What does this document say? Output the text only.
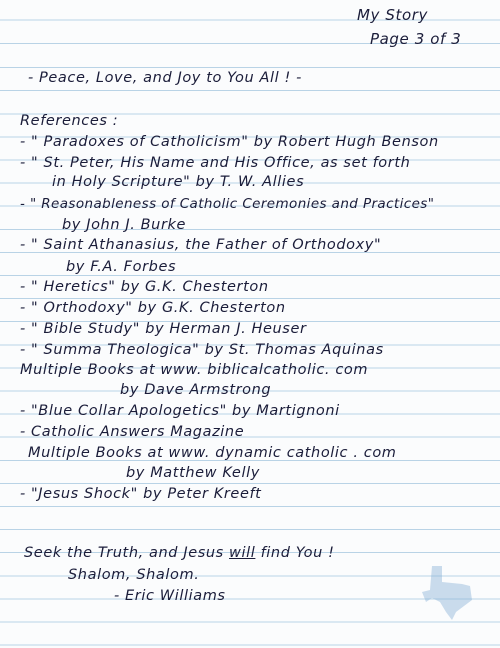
My Story
Page 3 of 3
- Peace, Love, and Joy to You All ! -
References :
- " Paradoxes of Catholicism" by Robert Hugh Benson
- " St. Peter, His Name and His Office, as set forth
in Holy Scripture" by T. W. Allies
- " Reasonableness of Catholic Ceremonies and Practices"
by John J. Burke
- " Saint Athanasius, the Father of Orthodoxy"
by F.A. Forbes
- " Heretics" by G.K. Chesterton
- " Orthodoxy" by G.K. Chesterton
- " Bible Study" by Herman J. Heuser
- " Summa Theologica" by St. Thomas Aquinas
Multiple Books at www. biblicalcatholic. com
by Dave Armstrong
- "Blue Collar Apologetics" by Martignoni
- Catholic Answers Magazine
Multiple Books at www. dynamic catholic . com
by Matthew Kelly
- "Jesus Shock" by Peter Kreeft
Seek the Truth, and Jesus will find You !
Shalom, Shalom.
- Eric Williams
